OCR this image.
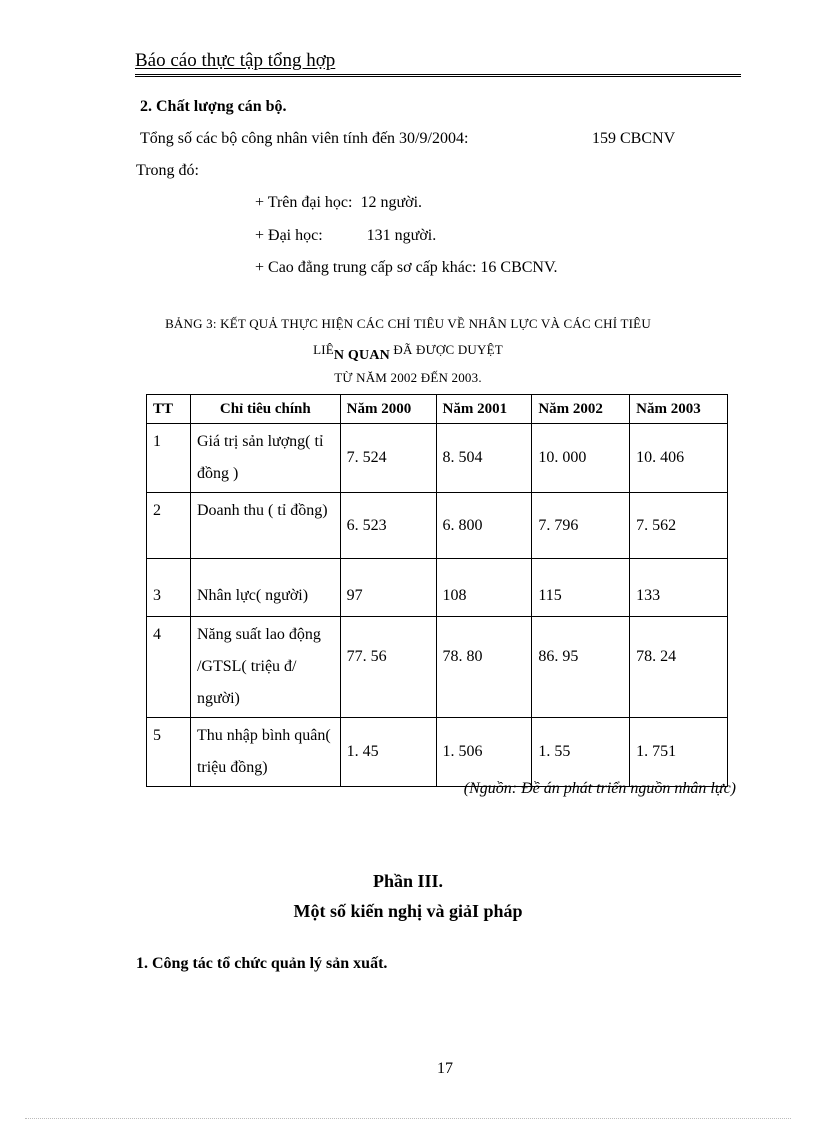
Báo cáo thực tập tổng hợp
2. Chất lượng cán bộ.
Tổng số các bộ công nhân viên tính đến 30/9/2004:	159 CBCNV
Trong đó:
+ Trên đại học:  12 người.
+ Đại học:           131 người.
+ Cao đẳng trung cấp sơ cấp khác: 16 CBCNV.
BẢNG 3: KẾT QUẢ THỰC HIỆN CÁC CHỈ TIÊU VỀ NHÂN LỰC VÀ CÁC CHỈ TIÊU
LIÊN QUAN ĐÃ ĐƯỢC DUYỆT
TỪ NĂM 2002 ĐẾN 2003.
TT	Chỉ tiêu chính	Năm 2000	Năm 2001	Năm 2002	Năm 2003
1	Giá trị sản lượng( tỉ đồng )	7. 524	8. 504	10. 000	10. 406
2	Doanh thu ( tỉ đồng)	6. 523	6. 800	7. 796	7. 562
3	Nhân lực( người)	97	108	115	133
4	Năng suất lao động /GTSL( triệu đ/ người)	77. 56	78. 80	86. 95	78. 24
5	Thu nhập bình quân( triệu đồng)	1. 45	1. 506	1. 55	1. 751
(Nguồn: Đề án phát triển nguồn nhân lực)
Phần III.
Một số kiến nghị và giảI pháp
1. Công tác tổ chức quản lý sản xuất.
17
